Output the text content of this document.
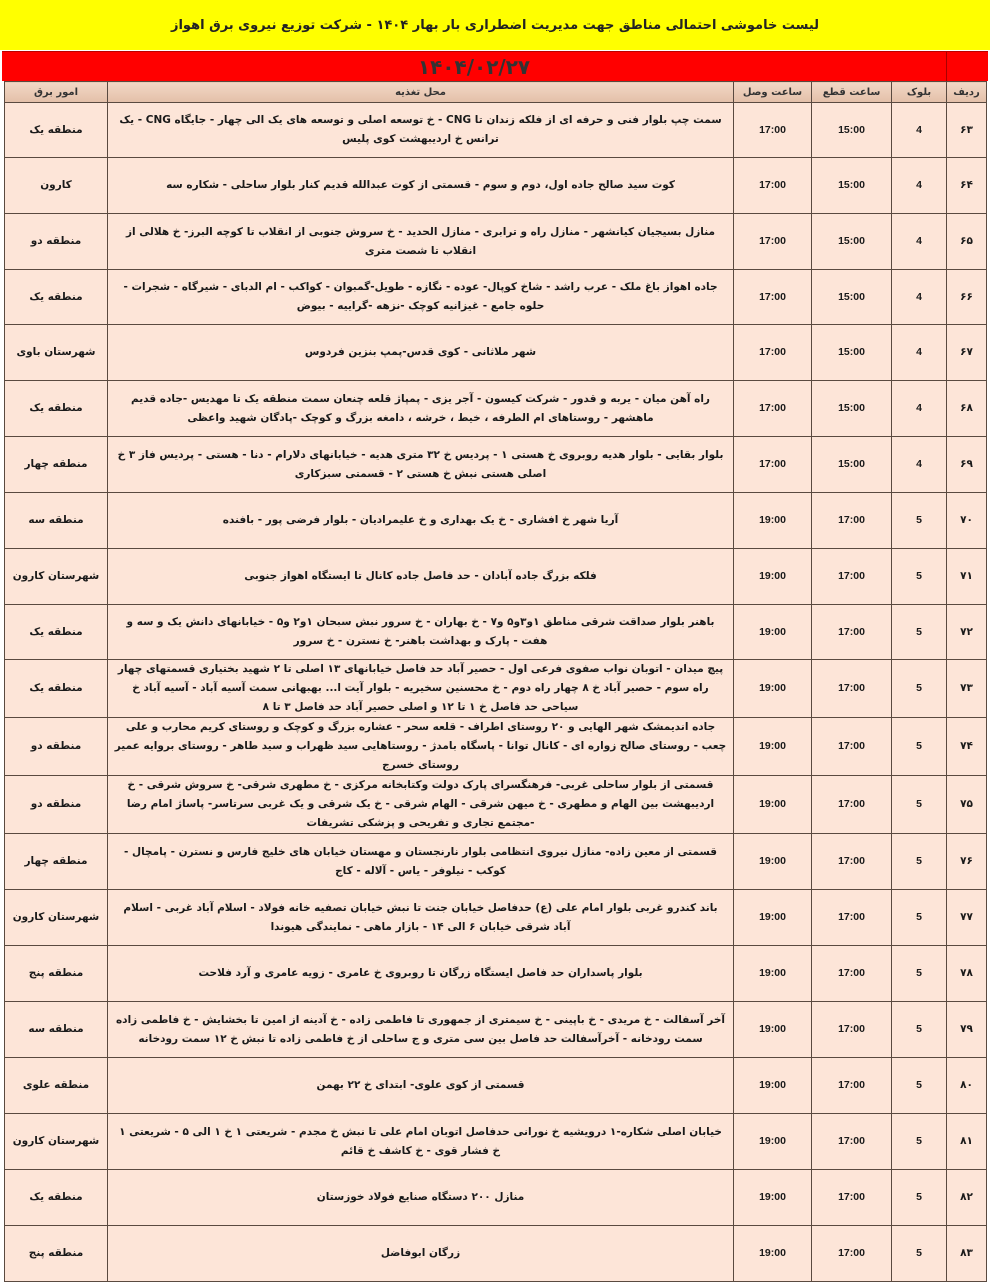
لیست خاموشی احتمالی مناطق جهت مدیریت اضطراری بار بهار ۱۴۰۴ - شرکت توزیع نیروی برق اهواز
۱۴۰۴/۰۲/۲۷
ردیف	بلوک	ساعت قطع	ساعت وصل	محل تغذیه	امور برق
۶۳	4	15:00	17:00	سمت چپ بلوار فنی و حرفه ای از فلکه زندان تا CNG - خ توسعه اصلی و توسعه های یک الی چهار - جایگاه CNG - یک ترانس خ اردیبهشت کوی پلیس	منطقه یک
۶۴	4	15:00	17:00	کوت سید صالح جاده اول، دوم و سوم - قسمتی از کوت عبدالله قدیم کنار بلوار ساحلی - شکاره سه	کارون
۶۵	4	15:00	17:00	منازل بسیجیان کیانشهر - منازل راه و ترابری - منازل الحدید - خ سروش جنوبی از انقلاب تا کوچه البرز- خ هلالی از انقلاب تا شصت متری	منطقه دو
۶۶	4	15:00	17:00	جاده اهواز باغ ملک - عرب راشد - شاخ کوپال- عوده - نگازه - طویل-گمبوان - کواکب - ام الدبای - شیرگاه - شجرات - حلوه جامع - غیزانیه کوچک -نزهه -گراییه - بیوض	منطقه یک
۶۷	4	15:00	17:00	شهر ملاثانی - کوی قدس-پمپ بنزین فردوس	شهرستان باوی
۶۸	4	15:00	17:00	راه آهن میان - یربه و قدور - شرکت کیسون - آجر یزی - پمپاژ قلعه چنعان سمت منطقه یک تا مهدیس -جاده قدیم ماهشهر - روستاهای ام الطرفه ، خیط ، خرشه ، دامغه بزرگ و کوچک -پادگان شهید واعظی	منطقه یک
۶۹	4	15:00	17:00	بلوار بقایی - بلوار هدیه روبروی خ هستی ۱ - پردیس خ ۳۲ متری هدیه - خیابانهای دلارام - دنا - هستی - پردیس فاز ۳ خ اصلی هستی نبش خ هستی ۲ - قسمتی سبزکاری	منطقه چهار
۷۰	5	17:00	19:00	آریا شهر خ افشاری - خ یک بهداری و خ علیمرادیان - بلوار فرضی پور - بافنده	منطقه سه
۷۱	5	17:00	19:00	فلکه بزرگ جاده آبادان - حد فاصل جاده کانال تا ایستگاه اهواز جنوبی	شهرستان کارون
۷۲	5	17:00	19:00	باهنر بلوار صداقت شرقی مناطق ۱و۳و۵ و۷ - خ بهاران - خ سرور نبش سبحان ۱و۲ و۵ - خیابانهای دانش یک و سه و هفت - پارک و بهداشت باهنر- خ نسترن - خ سرور	منطقه یک
۷۳	5	17:00	19:00	پیچ میدان - اتوبان نواب صفوی فرعی اول - حصیر آباد حد فاصل خیابانهای ۱۳ اصلی تا ۲ شهید بختیاری قسمتهای چهار راه سوم - حصیر آباد خ ۸ چهار راه دوم - خ محسنین سخیریه - بلوار آیت ا... بهبهانی سمت آسیه آباد - آسیه آباد خ سیاحی حد فاصل خ ۱ تا ۱۲ و اصلی حصیر آباد حد فاصل ۳ تا ۸	منطقه یک
۷۴	5	17:00	19:00	جاده اندیمشک شهر الهایی و ۲۰ روستای اطراف - قلعه سحر - عشاره بزرگ و کوچک و روستای کریم محارب و علی چعب - روستای صالح زواره ای - کانال توانا - پاسگاه بامدژ - روستاهایی سید ظهراب و سید طاهر - روستای بروایه عمیر روستای خسرج	منطقه دو
۷۵	5	17:00	19:00	قسمتی از بلوار ساحلی غربی- فرهنگسرای پارک دولت وکتابخانه مرکزی - خ مطهری شرقی- خ سروش شرقی - خ اردیبهشت بین الهام و مطهری - خ میهن شرقی - الهام شرقی - خ یک شرقی و یک غربی سرتاسر- پاساژ امام رضا -مجتمع تجاری و تفریحی و پزشکی تشریفات	منطقه دو
۷۶	5	17:00	19:00	قسمتی از معین زاده- منازل نیروی انتظامی بلوار نارنجستان و مهستان خیابان های خلیج فارس و نسترن - پامچال - کوکب - نیلوفر - یاس - آلاله - کاج	منطقه چهار
۷۷	5	17:00	19:00	باند کندرو غربی بلوار امام علی (ع) حدفاصل خیابان جنت تا نبش خیابان تصفیه خانه فولاد - اسلام آباد غربی - اسلام آباد شرقی خیابان ۶ الی ۱۴ - بازار ماهی - نمایندگی هیوندا	شهرستان کارون
۷۸	5	17:00	19:00	بلوار پاسداران حد فاصل ایستگاه زرگان تا روبروی خ عامری - زویه عامری و آرد فلاحت	منطقه پنج
۷۹	5	17:00	19:00	آخر آسفالت - خ مریدی - خ باپینی - خ سیمتری از جمهوری تا فاطمی زاده - خ آدینه از امین تا بخشایش - خ فاطمی زاده سمت رودخانه - آخرآسفالت حد فاصل بین سی متری و ج ساحلی از خ فاطمی زاده تا نبش خ ۱۲ سمت رودخانه	منطقه سه
۸۰	5	17:00	19:00	قسمتی از کوی علوی- ابتدای خ ۲۲ بهمن	منطقه علوی
۸۱	5	17:00	19:00	خیابان اصلی شکاره-۱ درویشیه خ نورانی حدفاصل اتوبان امام علی تا نبش خ مجدم - شریعتی ۱ خ ۱ الی ۵ - شریعتی ۱ خ فشار قوی - خ کاشف خ قائم	شهرستان کارون
۸۲	5	17:00	19:00	منازل ۲۰۰ دستگاه صنایع فولاد خوزستان	منطقه یک
۸۳	5	17:00	19:00	زرگان ابوفاضل	منطقه پنج
